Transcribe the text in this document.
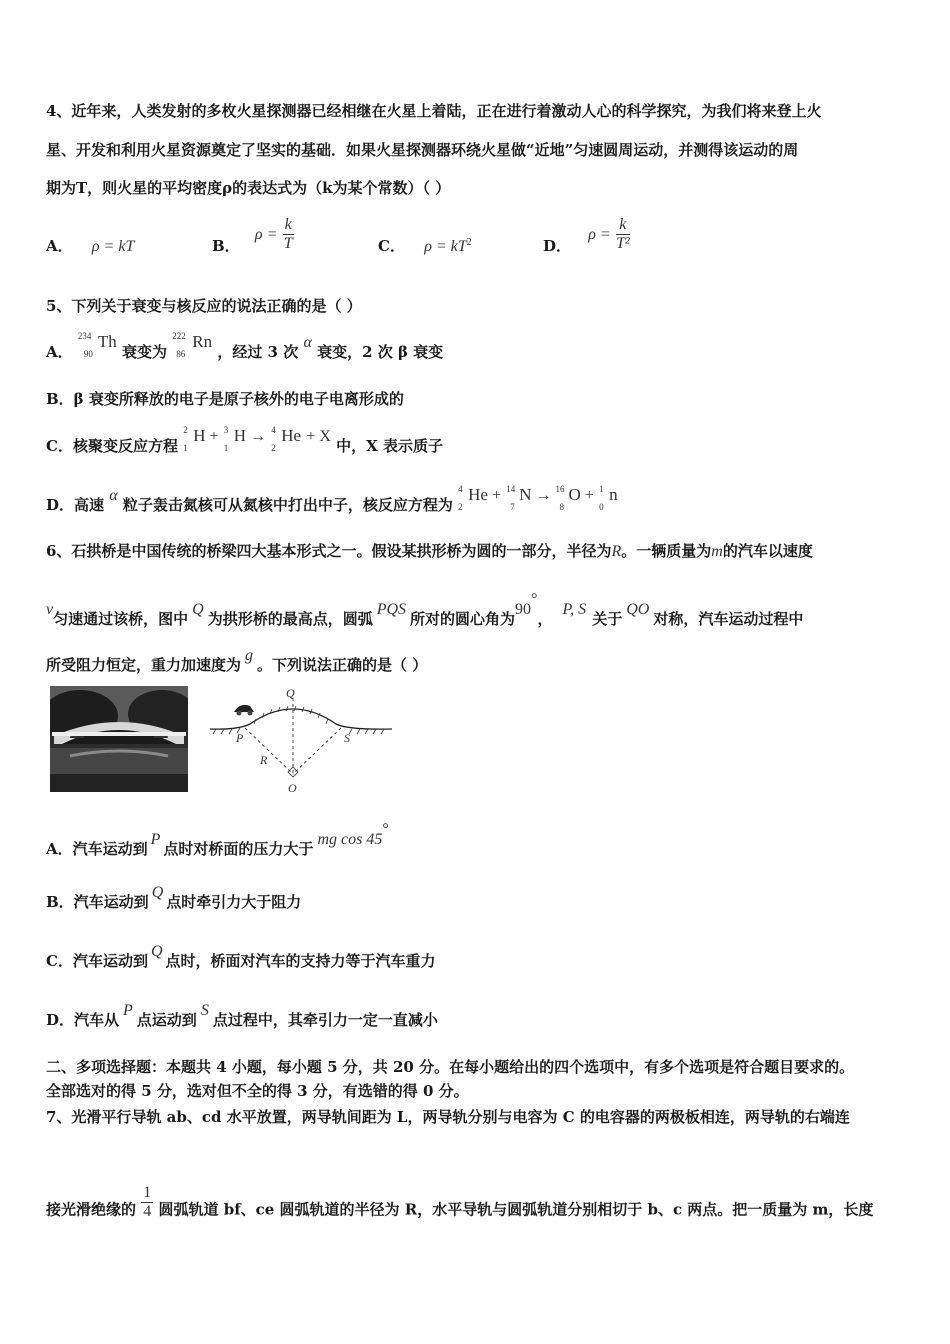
4、近年来，人类发射的多枚火星探测器已经相继在火星上着陆，正在进行着激动人心的科学探究，为我们将来登上火
星、开发和利用火星资源奠定了坚实的基础．如果火星探测器环绕火星做“近地”匀速圆周运动，并测得该运动的周
期为T，则火星的平均密度ρ的表达式为（k为某个常数）（ ）
A． ρ = kT	B． $\rho = \frac{k}{T}$	C． $\rho = kT^2$	D． $\rho = \frac{k}{\text{T²}}$
5、下列关于衰变与核反应的说法正确的是（ ）
A．
234
90
Th 衰变为
222
86
Rn ，经过 3 次 α 衰变，2 次 β 衰变
B．β 衰变所释放的电子是原子核外的电子电离形成的
C．核聚变反应方程
2
1
H + 3
1
H → 4
2
He + X 中，X 表示质子
D．高速 α 粒子轰击氮核可从氮核中打出中子，核反应方程为
4
2
He + 14
7
N → 16
8
O + 1
0
n
6、石拱桥是中国传统的桥梁四大基本形式之一。假设某拱形桥为圆的一部分，半径为R。一辆质量为m的汽车以速度
v匀速通过该桥，图中Q为拱形桥的最高点，圆弧PQS所对的圆心角为90°，P, S关于QO对称，汽车运动过程中
所受阻力恒定，重力加速度为g。下列说法正确的是（ ）
Q
P	S
R
O
A．汽车运动到P点时对桥面的压力大于mg cos 45°
B．汽车运动到Q点时牵引力大于阻力
C．汽车运动到Q点时，桥面对汽车的支持力等于汽车重力
D．汽车从P点运动到S点过程中，其牵引力一定一直减小
二、多项选择题：本题共 4 小题，每小题 5 分，共 20 分。在每小题给出的四个选项中，有多个选项是符合题目要求的。
全部选对的得 5 分，选对但不全的得 3 分，有选错的得 0 分。
7、光滑平行导轨 ab、cd 水平放置，两导轨间距为 L，两导轨分别与电容为 C 的电容器的两极板相连，两导轨的右端连
接光滑绝缘的 $\frac{1}{4}$ 圆弧轨道 bf、ce 圆弧轨道的半径为 R，水平导轨与圆弧轨道分别相切于 b、c 两点。把一质量为 m，长度
